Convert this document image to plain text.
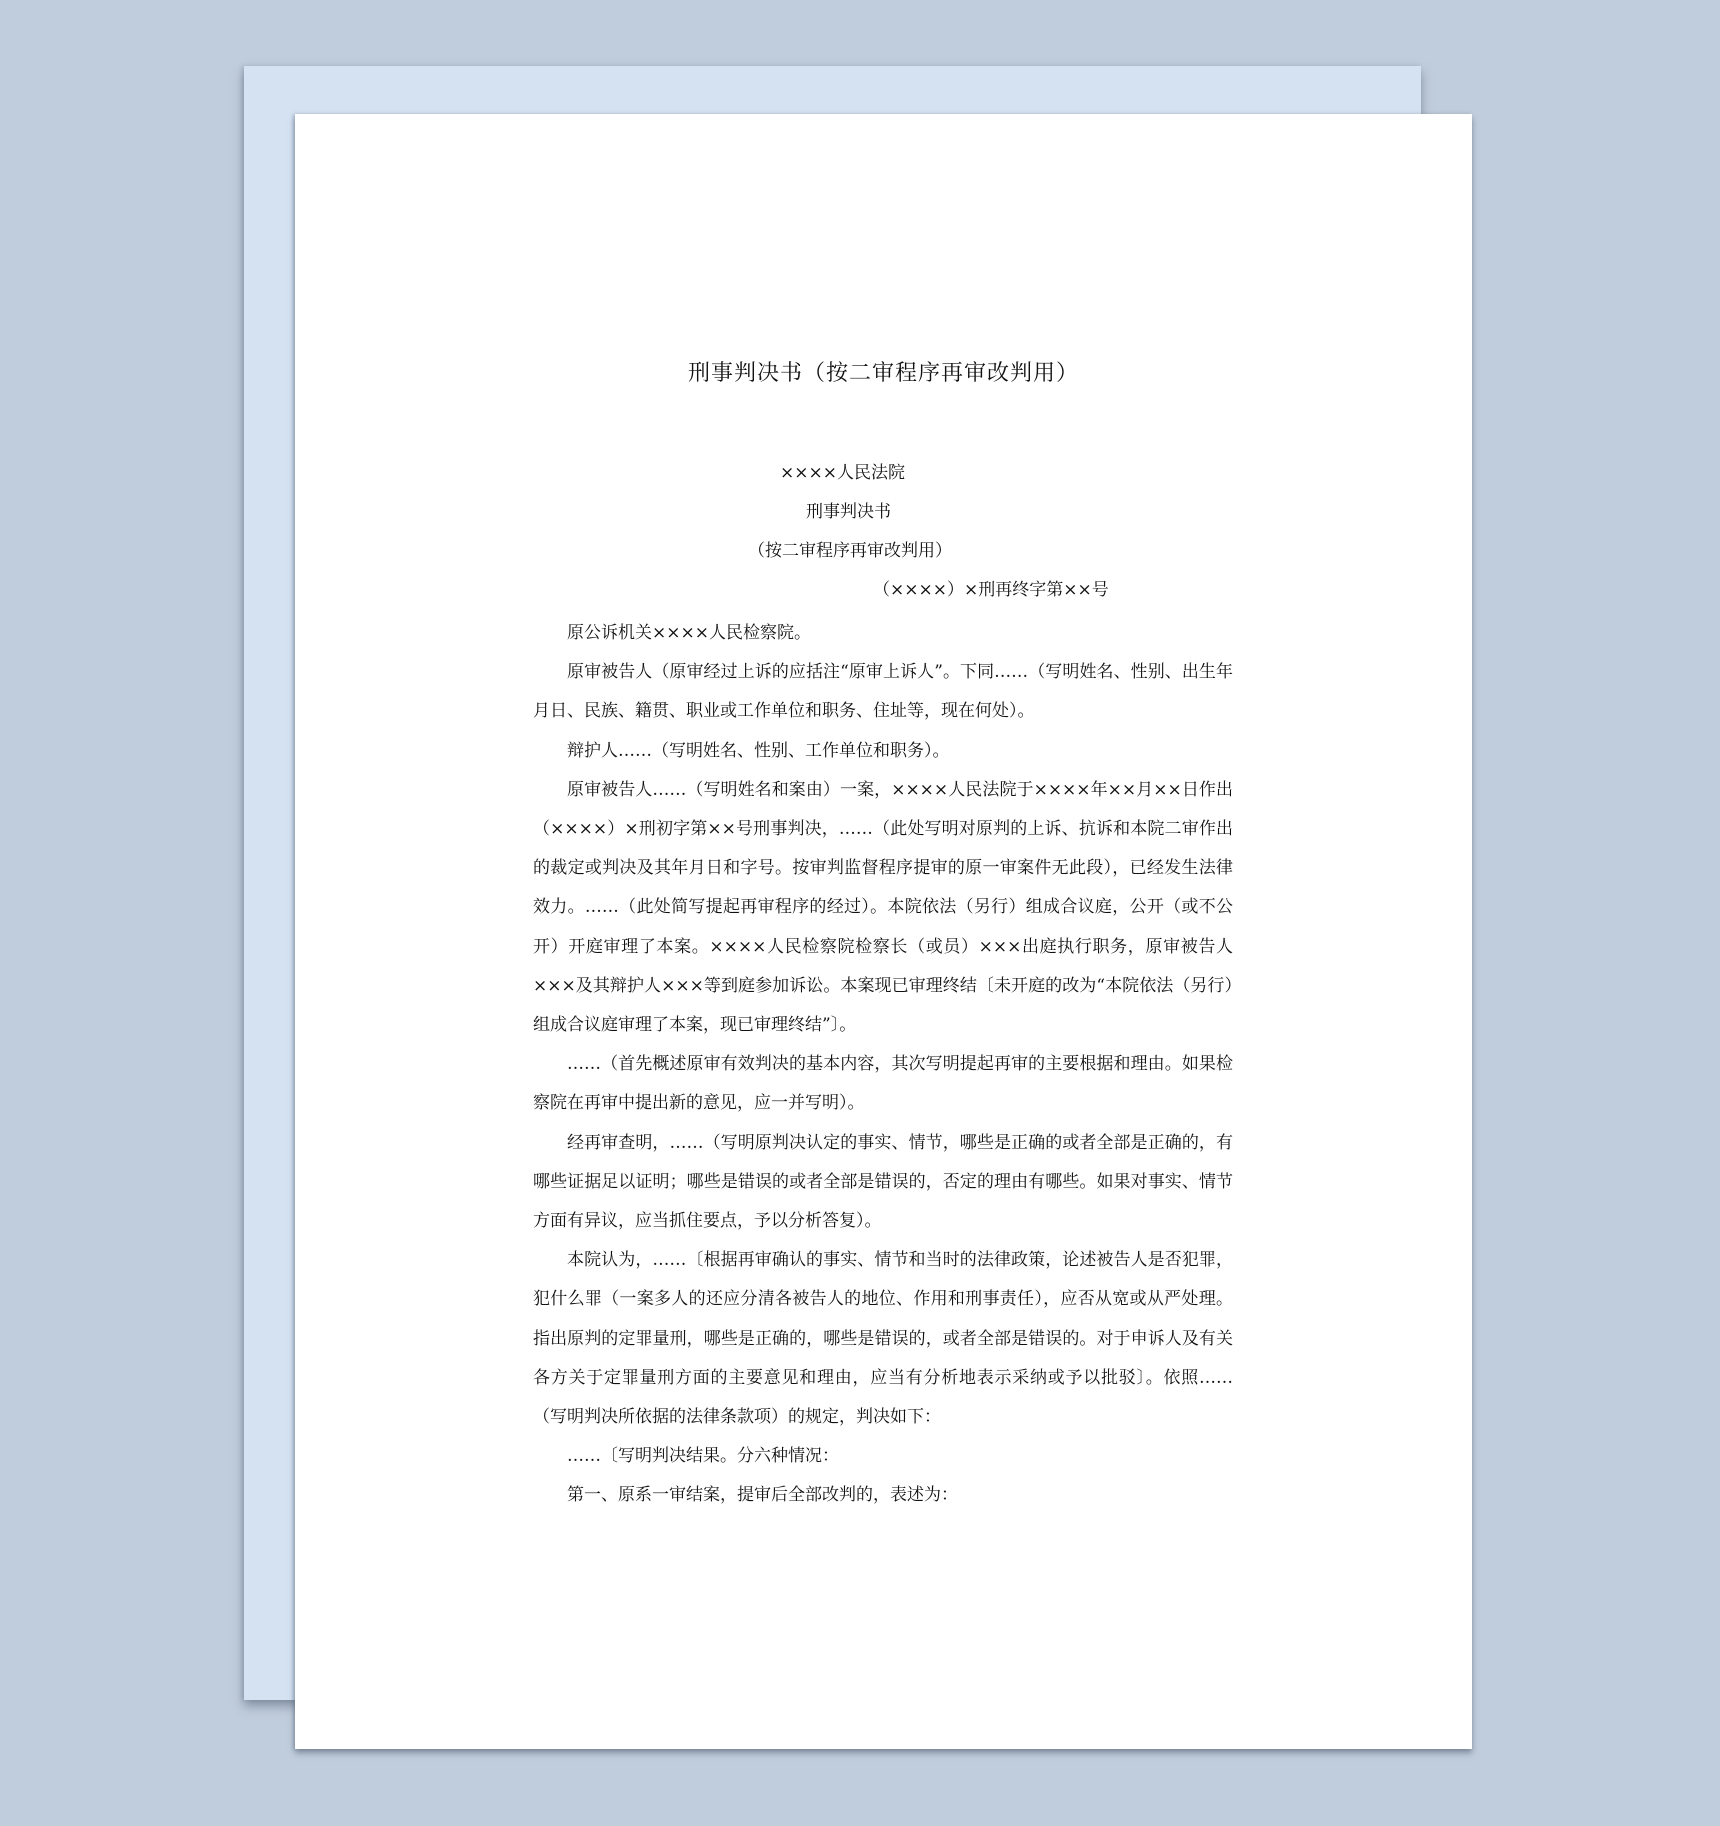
刑事判决书（按二审程序再审改判用）
××××人民法院
刑事判决书
（按二审程序再审改判用）
（××××）×刑再终字第××号

原公诉机关××××人民检察院。

原审被告人（原审经过上诉的应括注“原审上诉人”。下同……（写明姓名、性别、出生年月日、民族、籍贯、职业或工作单位和职务、住址等，现在何处）。

辩护人……（写明姓名、性别、工作单位和职务）。

原审被告人……（写明姓名和案由）一案，××××人民法院于××××年××月××日作出（××××）×刑初字第××号刑事判决，……（此处写明对原判的上诉、抗诉和本院二审作出的裁定或判决及其年月日和字号。按审判监督程序提审的原一审案件无此段），已经发生法律效力。……（此处简写提起再审程序的经过）。本院依法（另行）组成合议庭，公开（或不公开）开庭审理了本案。××××人民检察院检察长（或员）×××出庭执行职务，原审被告人×××及其辩护人×××等到庭参加诉讼。本案现已审理终结〔未开庭的改为“本院依法（另行）组成合议庭审理了本案，现已审理终结”〕。

……（首先概述原审有效判决的基本内容，其次写明提起再审的主要根据和理由。如果检察院在再审中提出新的意见，应一并写明）。

经再审查明，……（写明原判决认定的事实、情节，哪些是正确的或者全部是正确的，有哪些证据足以证明；哪些是错误的或者全部是错误的，否定的理由有哪些。如果对事实、情节方面有异议，应当抓住要点，予以分析答复）。

本院认为，……〔根据再审确认的事实、情节和当时的法律政策，论述被告人是否犯罪，犯什么罪（一案多人的还应分清各被告人的地位、作用和刑事责任），应否从宽或从严处理。指出原判的定罪量刑，哪些是正确的，哪些是错误的，或者全部是错误的。对于申诉人及有关各方关于定罪量刑方面的主要意见和理由，应当有分析地表示采纳或予以批驳〕。依照……（写明判决所依据的法律条款项）的规定，判决如下：

……〔写明判决结果。分六种情况：

第一、原系一审结案，提审后全部改判的，表述为：
